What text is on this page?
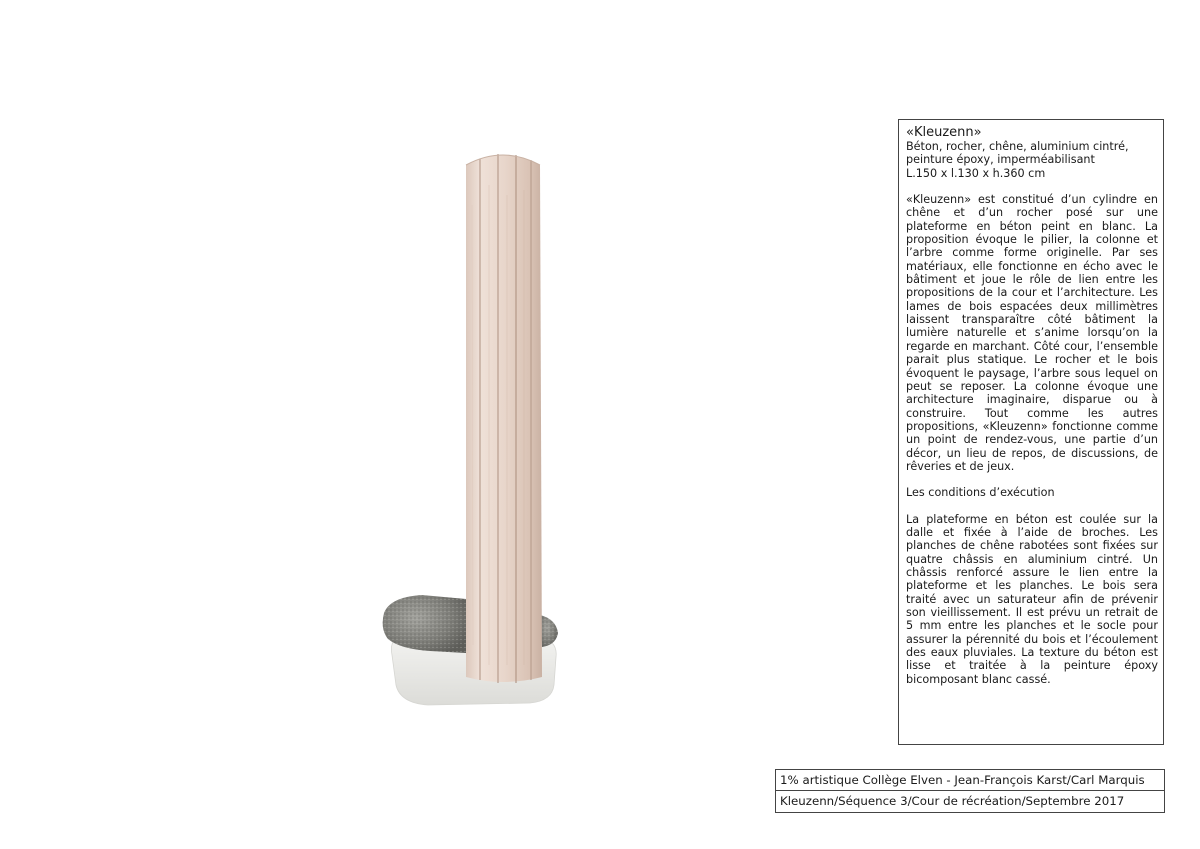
«Kleuzenn»

Béton, rocher, chêne, aluminium cintré,

peinture époxy, imperméabilisant

L.150 x l.130 x h.360 cm

«Kleuzenn» est constitué d’un cylindre en chêne et d’un rocher posé sur une plateforme en béton peint en blanc. La proposition évoque le pilier, la colonne et l’arbre comme forme originelle. Par ses matériaux, elle fonctionne en écho avec le bâtiment et joue le rôle de lien entre les propositions de la cour et l’architecture. Les lames de bois espacées deux millimètres laissent transparaître côté bâtiment la lumière naturelle et s’anime lorsqu’on la regarde en marchant. Côté cour, l’ensemble parait plus statique. Le rocher et le bois évoquent le paysage, l’arbre sous lequel on peut se reposer. La colonne évoque une architecture imaginaire, disparue ou à construire. Tout comme les autres propositions, «Kleuzenn» fonctionne comme un point de rendez-vous, une partie d’un décor, un lieu de repos, de discussions, de rêveries et de jeux.

Les conditions d’exécution

La plateforme en béton est coulée sur la dalle et fixée à l’aide de broches. Les planches de chêne rabotées sont fixées sur quatre châssis en aluminium cintré. Un châssis renforcé assure le lien entre la plateforme et les planches. Le bois sera traité avec un saturateur afin de prévenir son vieillissement. Il est prévu un retrait de 5 mm entre les planches et le socle pour assurer la pérennité du bois et l’écoulement des eaux pluviales. La texture du béton est lisse et traitée à la peinture époxy bicomposant blanc cassé.

1% artistique Collège Elven - Jean-François Karst/Carl Marquis
Kleuzenn/Séquence 3/Cour de récréation/Septembre 2017
